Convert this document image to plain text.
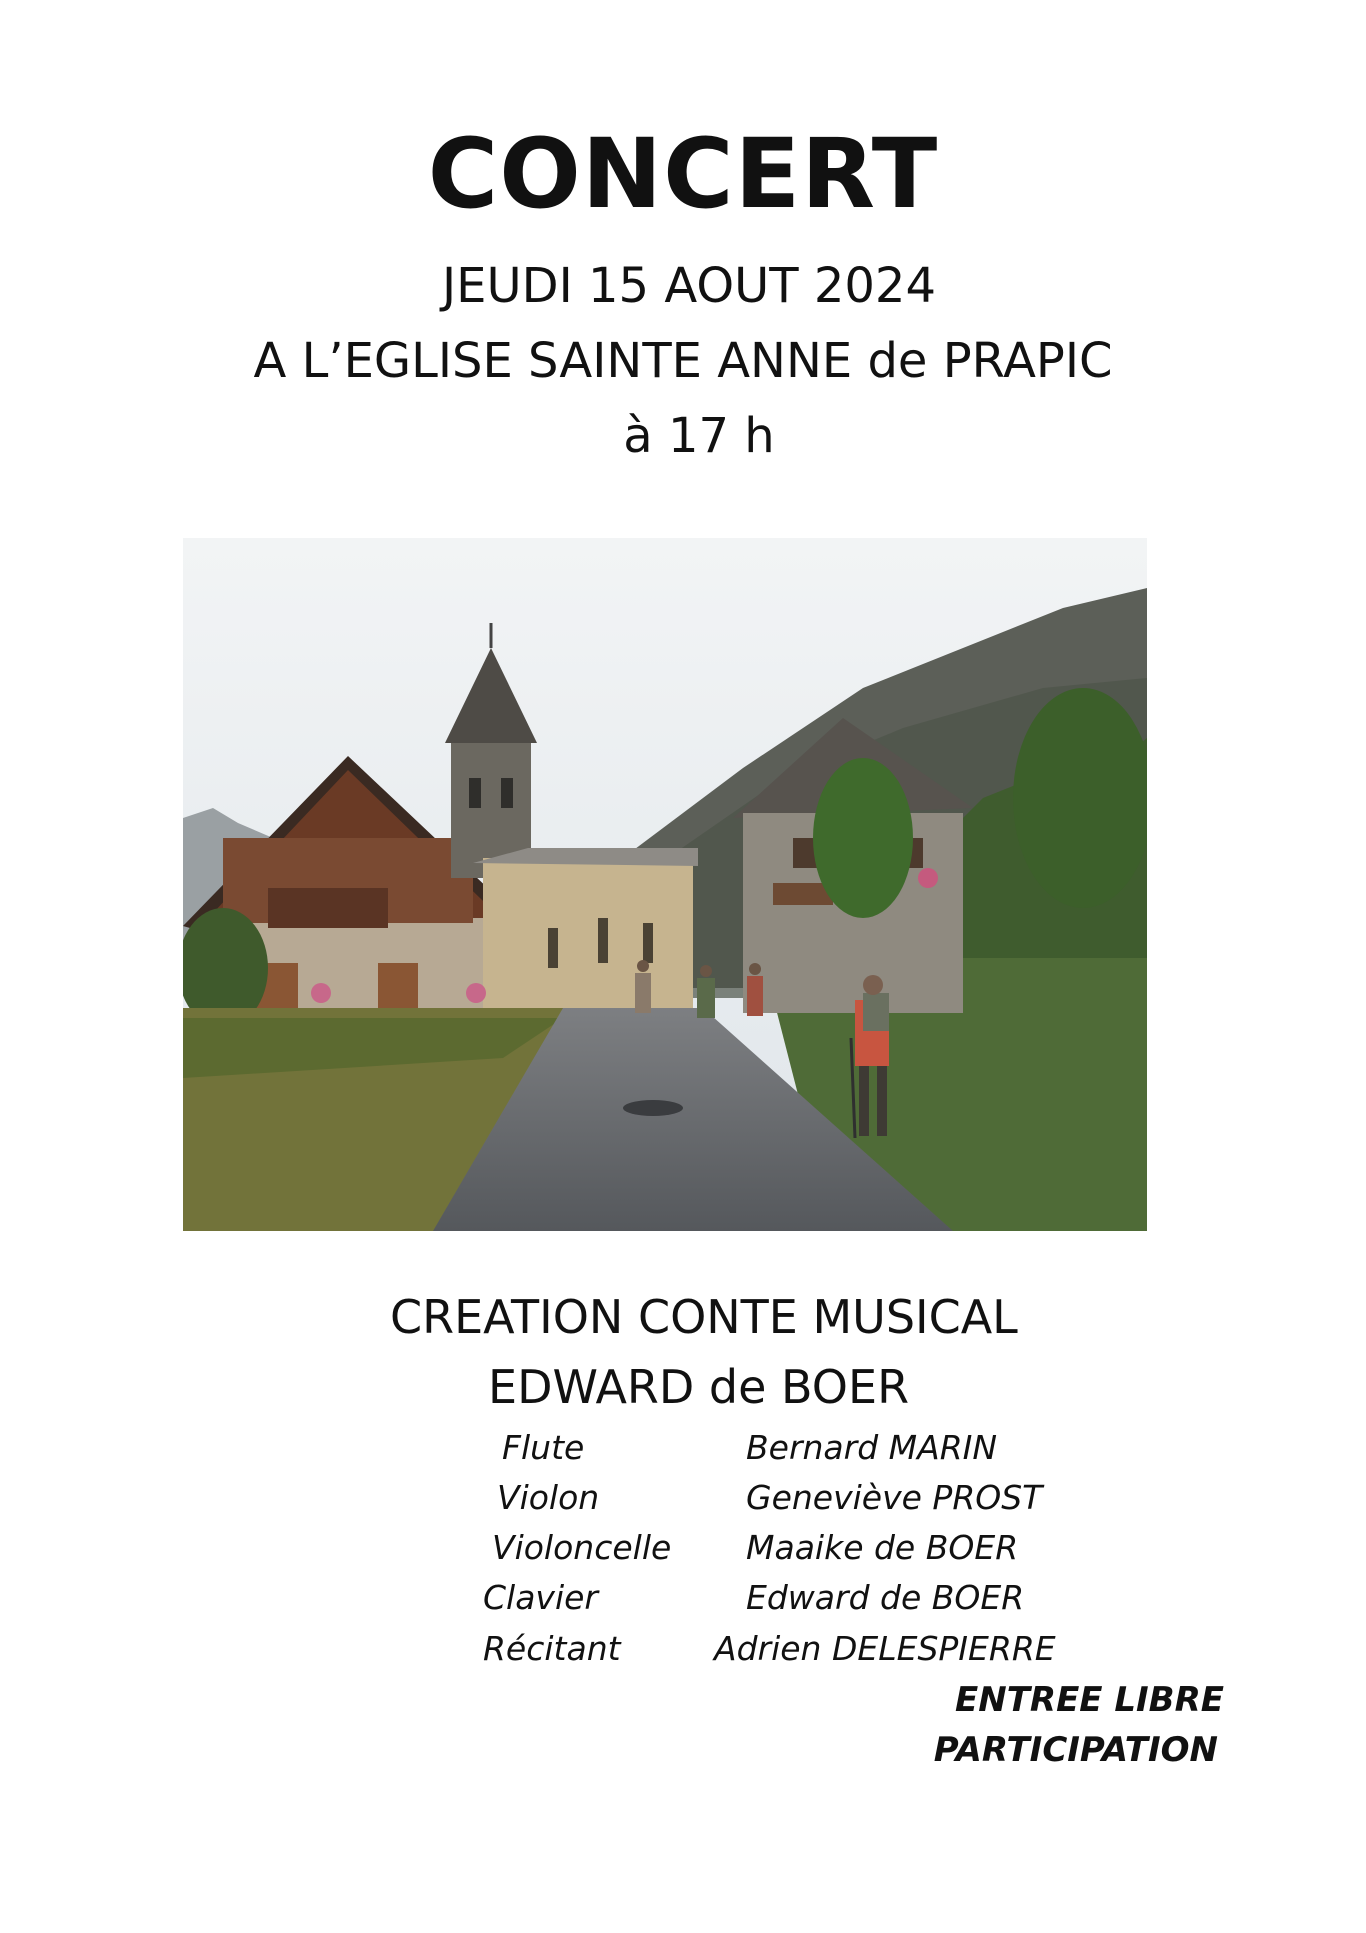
CONCERT
JEUDI 15 AOUT 2024
A L’EGLISE SAINTE ANNE de PRAPIC
à 17 h
CREATION CONTE MUSICAL
EDWARD de BOER
Flute	Bernard MARIN
Violon	Geneviève PROST
Violoncelle Maaike de BOER
Clavier	Edward de BOER
Récitant	Adrien DELESPIERRE
ENTREE LIBRE
PARTICIPATION
